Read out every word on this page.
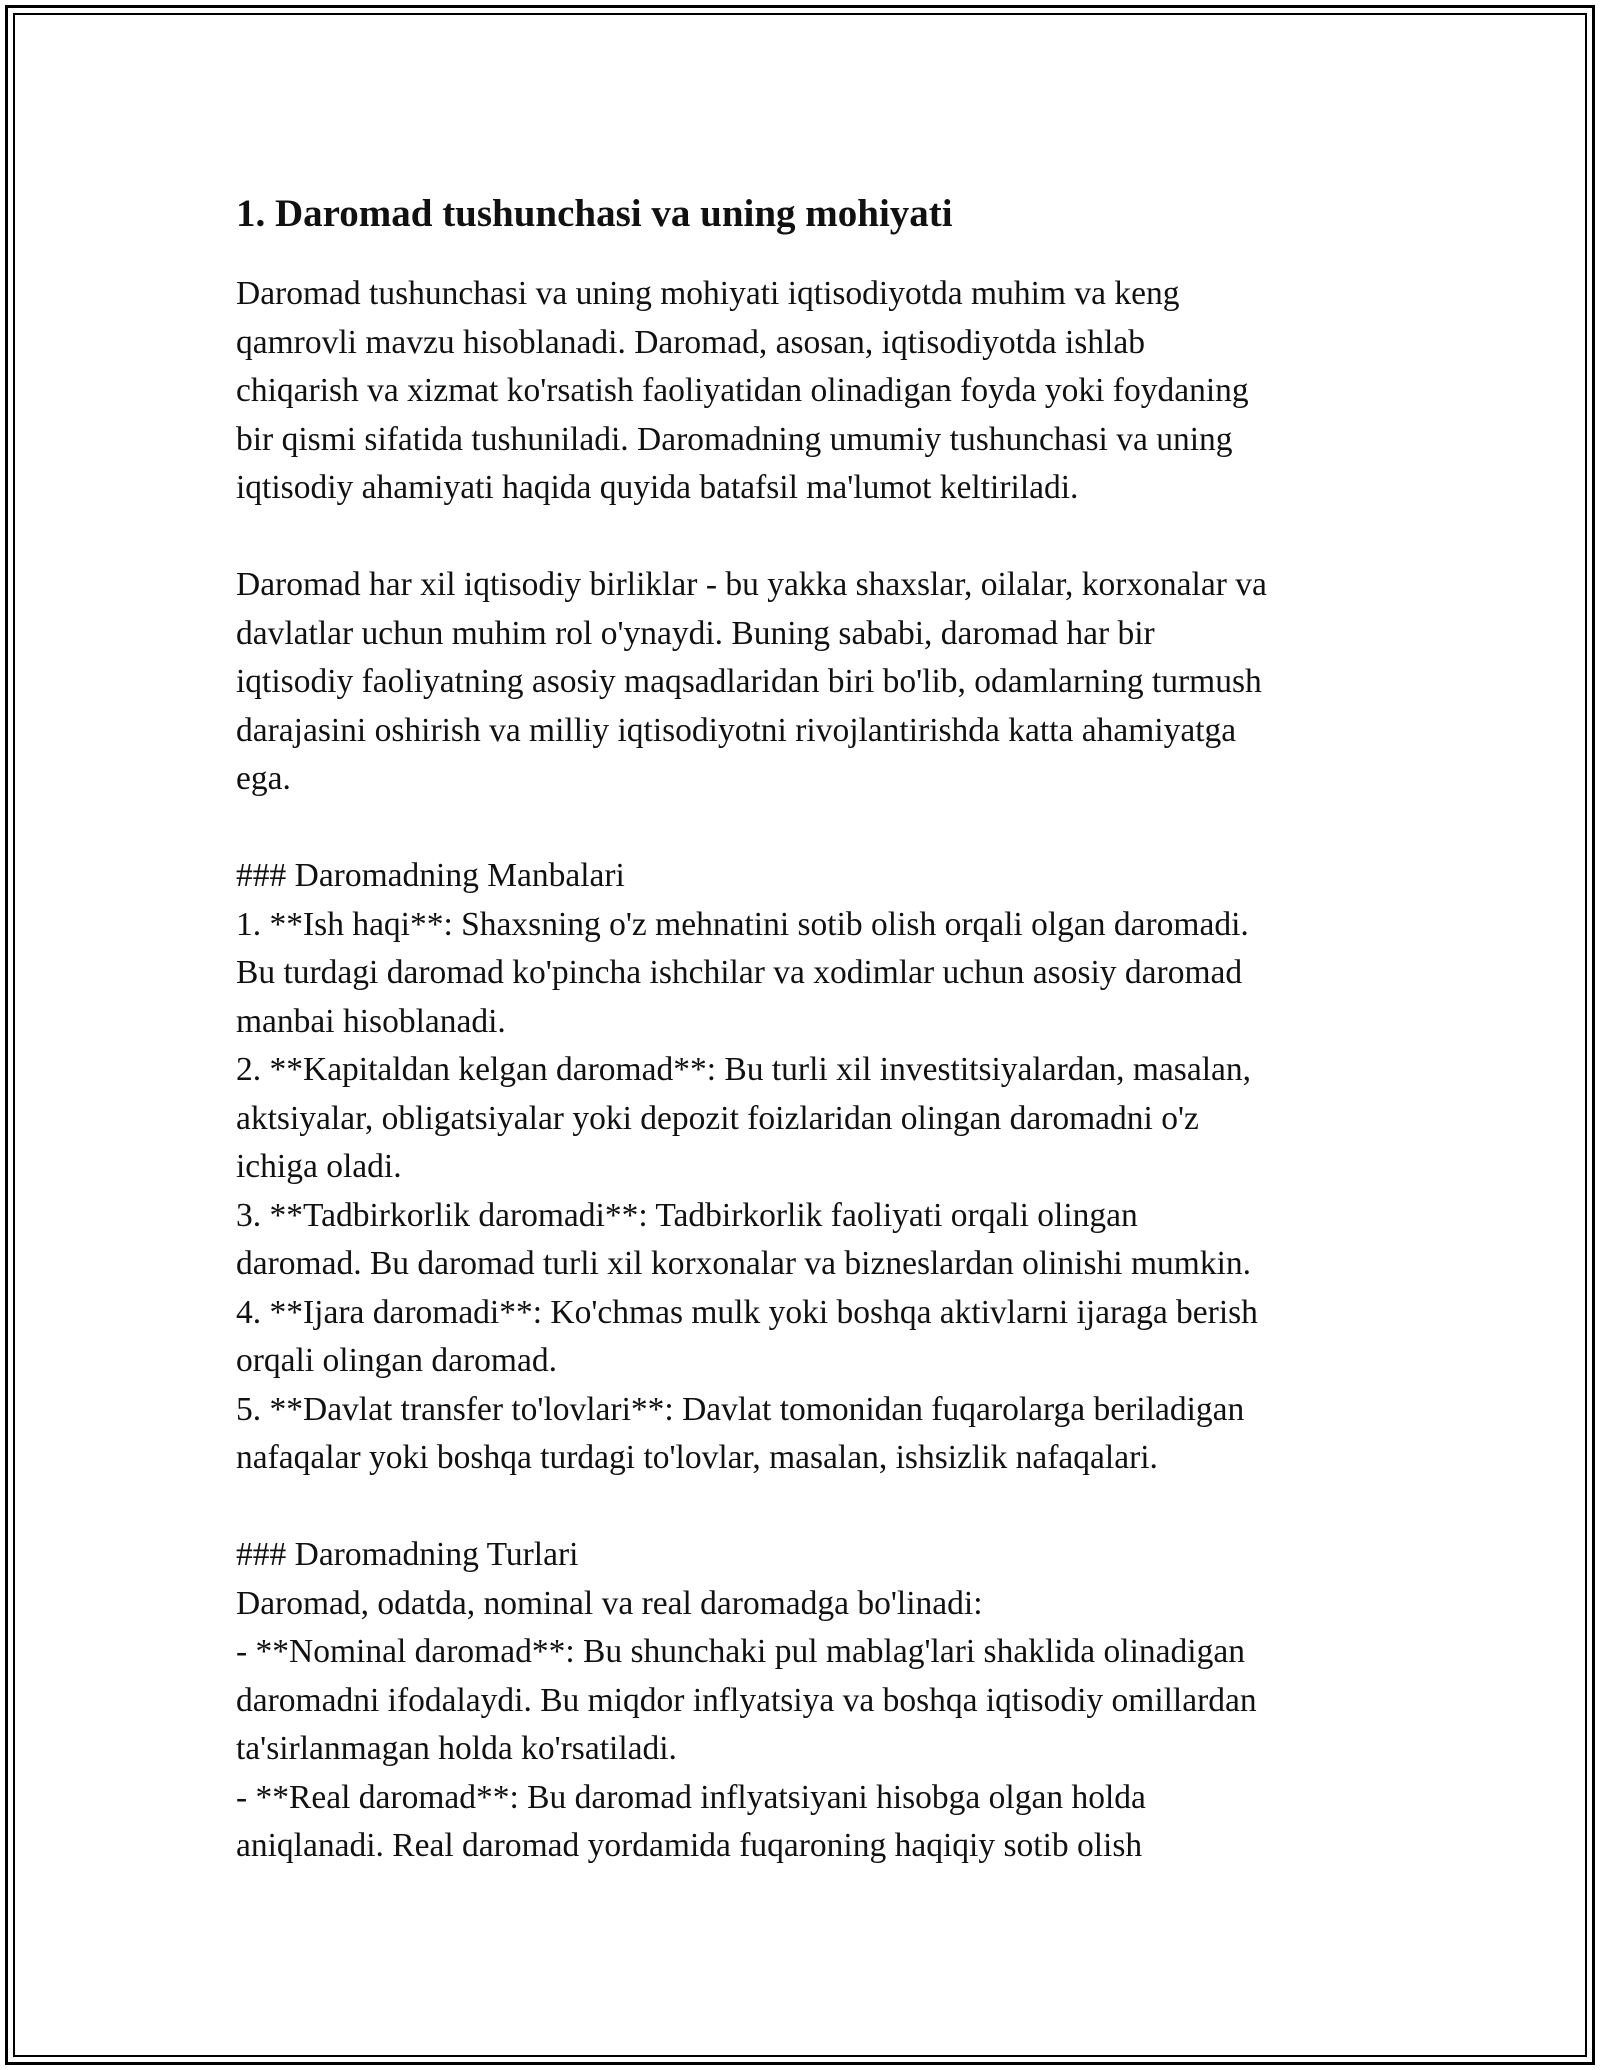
1. Daromad tushunchasi va uning mohiyati

Daromad tushunchasi va uning mohiyati iqtisodiyotda muhim va keng

qamrovli mavzu hisoblanadi. Daromad, asosan, iqtisodiyotda ishlab

chiqarish va xizmat ko'rsatish faoliyatidan olinadigan foyda yoki foydaning

bir qismi sifatida tushuniladi. Daromadning umumiy tushunchasi va uning

iqtisodiy ahamiyati haqida quyida batafsil ma'lumot keltiriladi.

Daromad har xil iqtisodiy birliklar - bu yakka shaxslar, oilalar, korxonalar va

davlatlar uchun muhim rol o'ynaydi. Buning sababi, daromad har bir

iqtisodiy faoliyatning asosiy maqsadlaridan biri bo'lib, odamlarning turmush

darajasini oshirish va milliy iqtisodiyotni rivojlantirishda katta ahamiyatga

ega.

### Daromadning Manbalari

1. **Ish haqi**: Shaxsning o'z mehnatini sotib olish orqali olgan daromadi.

Bu turdagi daromad ko'pincha ishchilar va xodimlar uchun asosiy daromad

manbai hisoblanadi.

2. **Kapitaldan kelgan daromad**: Bu turli xil investitsiyalardan, masalan,

aktsiyalar, obligatsiyalar yoki depozit foizlaridan olingan daromadni o'z

ichiga oladi.

3. **Tadbirkorlik daromadi**: Tadbirkorlik faoliyati orqali olingan

daromad. Bu daromad turli xil korxonalar va bizneslardan olinishi mumkin.

4. **Ijara daromadi**: Ko'chmas mulk yoki boshqa aktivlarni ijaraga berish

orqali olingan daromad.

5. **Davlat transfer to'lovlari**: Davlat tomonidan fuqarolarga beriladigan

nafaqalar yoki boshqa turdagi to'lovlar, masalan, ishsizlik nafaqalari.

### Daromadning Turlari

Daromad, odatda, nominal va real daromadga bo'linadi:

- **Nominal daromad**: Bu shunchaki pul mablag'lari shaklida olinadigan

daromadni ifodalaydi. Bu miqdor inflyatsiya va boshqa iqtisodiy omillardan

ta'sirlanmagan holda ko'rsatiladi.

- **Real daromad**: Bu daromad inflyatsiyani hisobga olgan holda

aniqlanadi. Real daromad yordamida fuqaroning haqiqiy sotib olish
